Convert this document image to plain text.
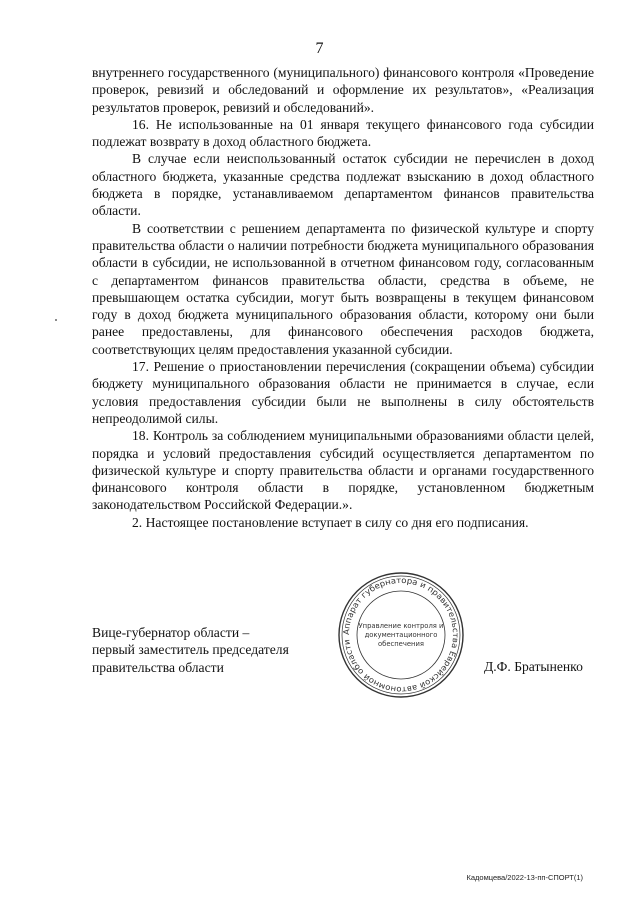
7

внутреннего государственного (муниципального) финансового контроля «Проведение проверок, ревизий и обследований и оформление их результатов», «Реализация результатов проверок, ревизий и обследований».

16. Не использованные на 01 января текущего финансового года субсидии подлежат возврату в доход областного бюджета.

В случае если неиспользованный остаток субсидии не перечислен в доход областного бюджета, указанные средства подлежат взысканию в доход областного бюджета в порядке, устанавливаемом департаментом финансов правительства области.

В соответствии с решением департамента по физической культуре и спорту правительства области о наличии потребности бюджета муниципального образования области в субсидии, не использованной в отчетном финансовом году, согласованным с департаментом финансов правительства области, средства в объеме, не превышающем остатка субсидии, могут быть возвращены в текущем финансовом году в доход бюджета муниципального образования области, которому они были ранее предоставлены, для финансового обеспечения расходов бюджета, соответствующих целям предоставления указанной субсидии.

17. Решение о приостановлении перечисления (сокращении объема) субсидии бюджету муниципального образования области не принимается в случае, если условия предоставления субсидии были не выполнены в силу обстоятельств непреодолимой силы.

18. Контроль за соблюдением муниципальными образованиями области целей, порядка и условий предоставления субсидий осуществляется департаментом по физической культуре и спорту правительства области и органами государственного финансового контроля области в порядке, установленном бюджетным законодательством Российской Федерации.».

2. Настоящее постановление вступает в силу со дня его подписания.

Вице-губернатор области –
первый заместитель председателя
правительства области	Д.Ф. Братыненко
Аппарат губернатора и правительства Еврейской автономной области
Управление контроля и
документационного
обеспечения
Кадомцева/2022-13-пп-СПОРТ(1)
